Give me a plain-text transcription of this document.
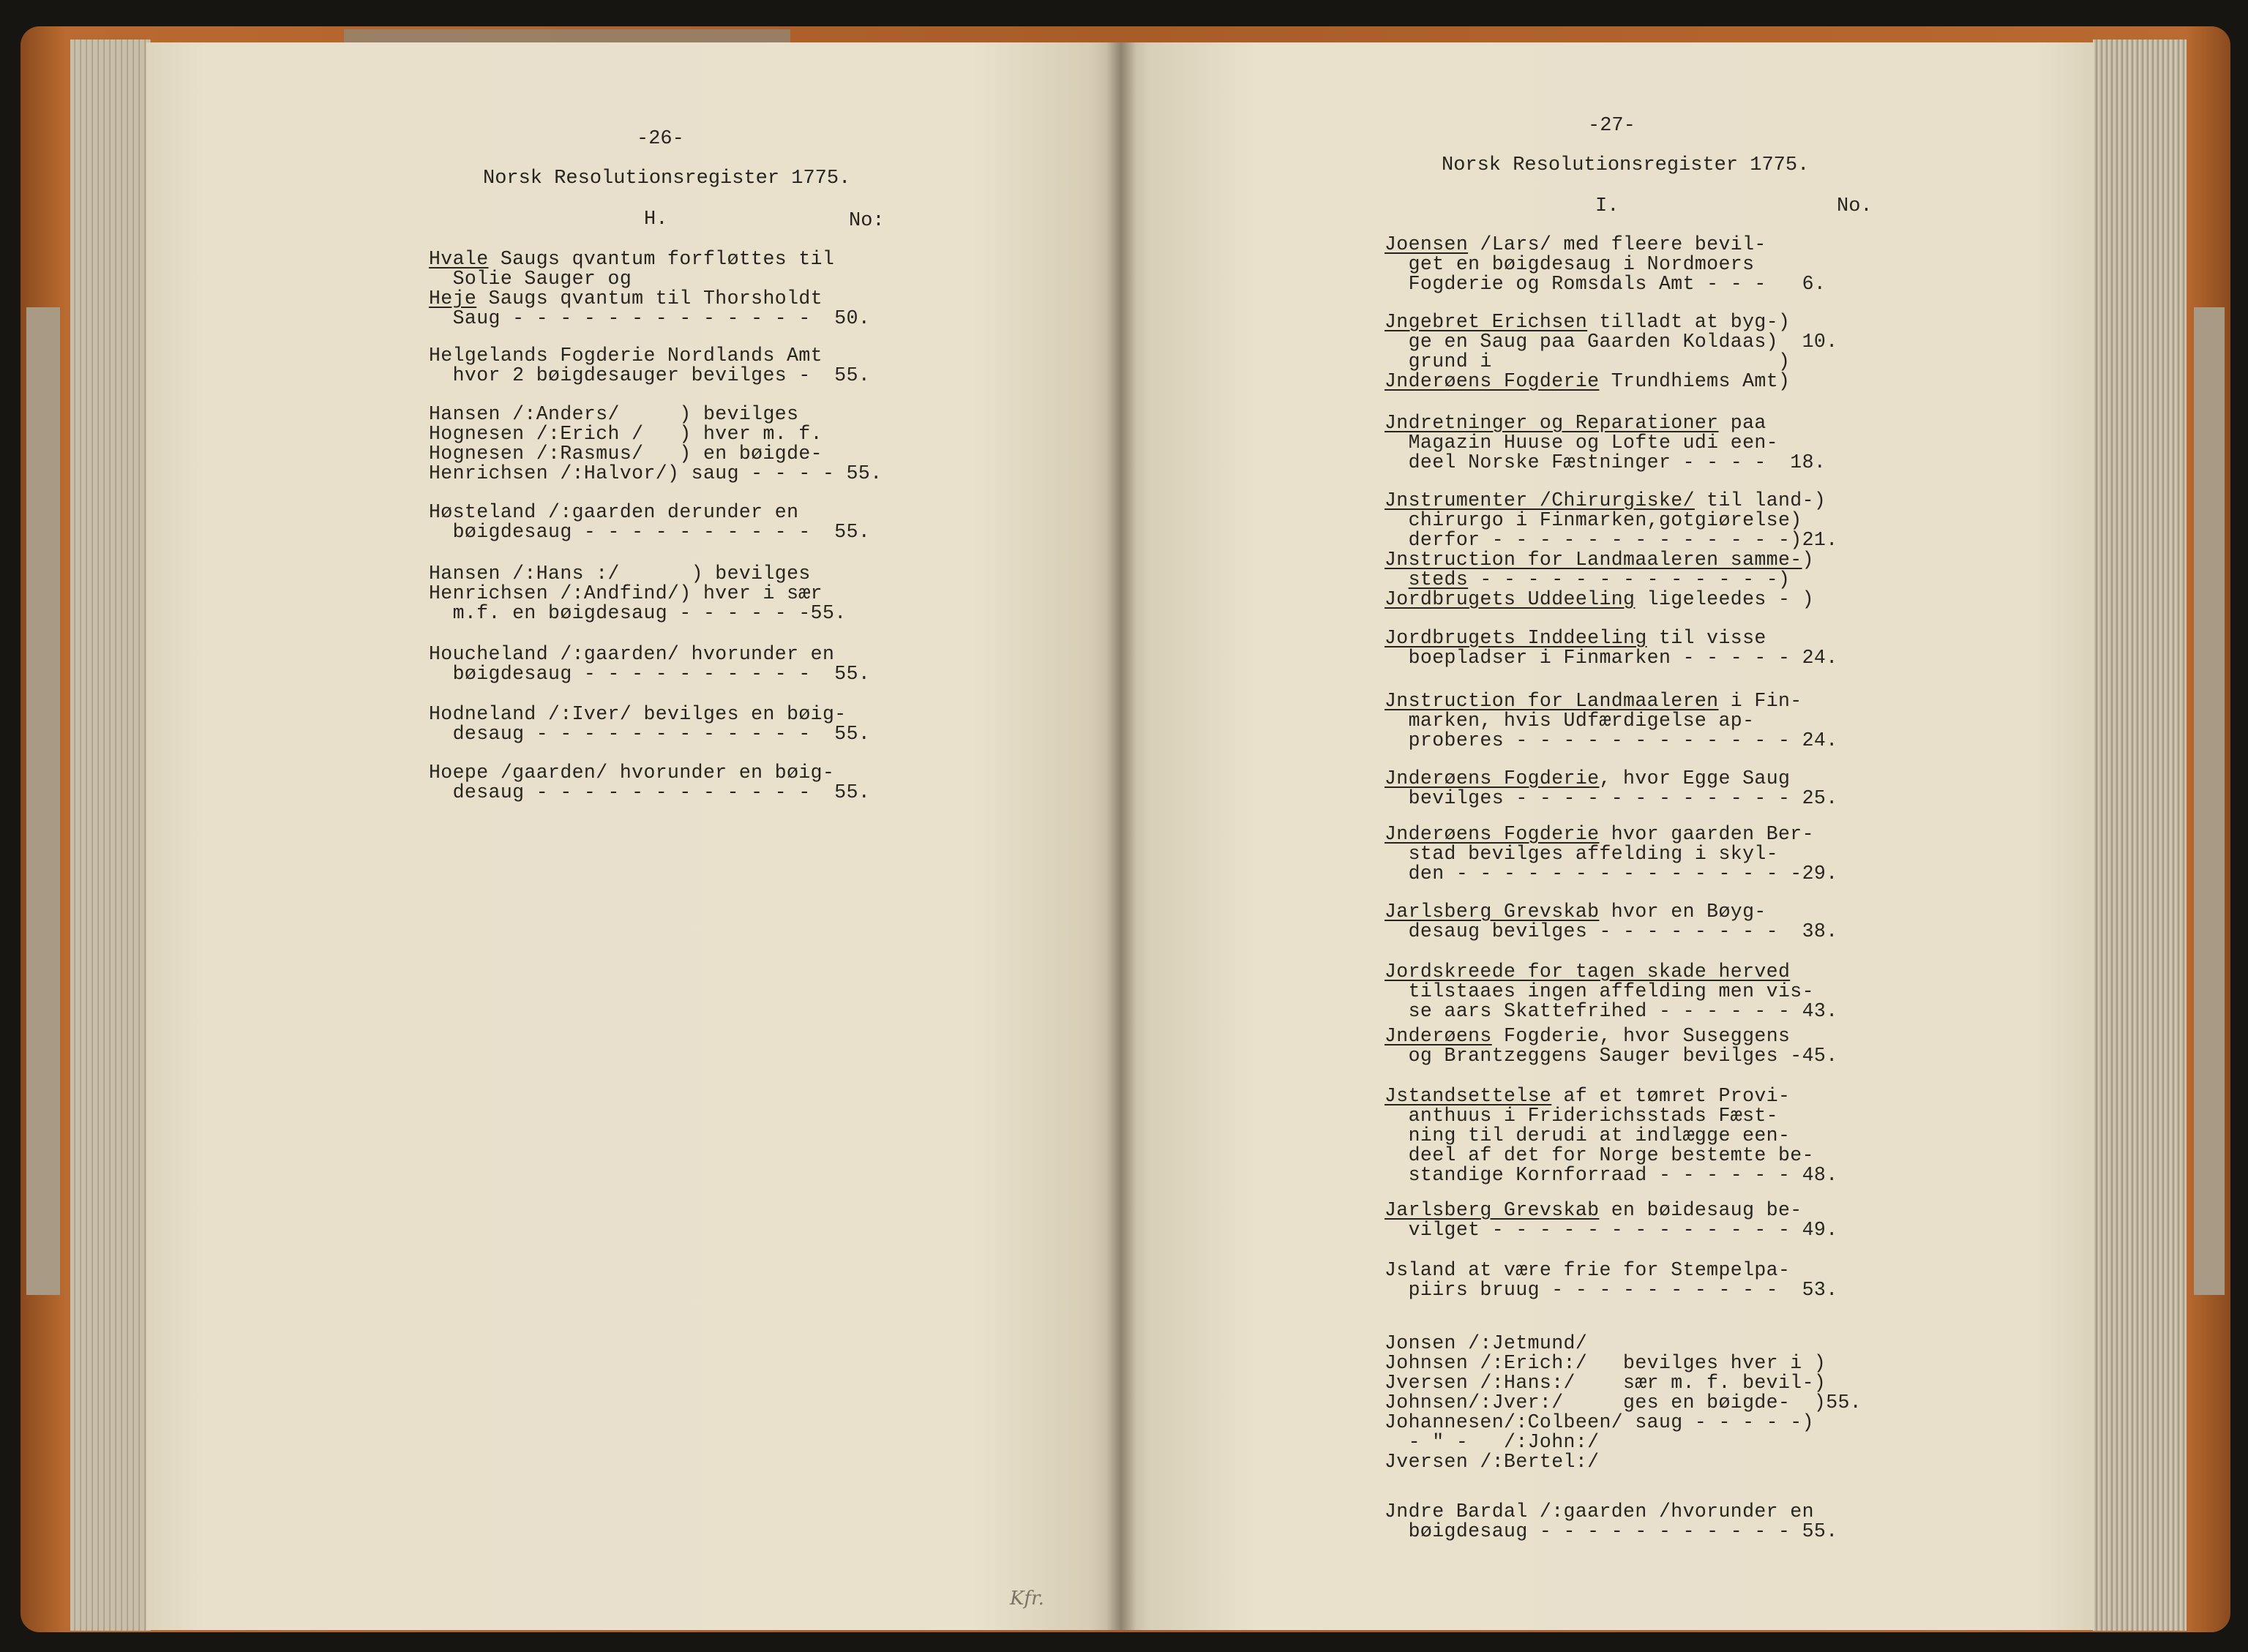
-26-
Norsk Resolutionsregister 1775.
H.	No:
Hvale Saugs qvantum forfløttes til
Solie Sauger og
Heje Saugs qvantum til Thorsholdt
Saug - - - - - - - - - - - - -  50.
Helgelands Fogderie Nordlands Amt
hvor 2 bøigdesauger bevilges -  55.
Hansen /:Anders/     ) bevilges
Hognesen /:Erich /   ) hver m. f.
Hognesen /:Rasmus/   ) en bøigde-
Henrichsen /:Halvor/) saug - - - - 55.
Høsteland /:gaarden derunder en
bøigdesaug - - - - - - - - - -  55.
Hansen /:Hans :/      ) bevilges
Henrichsen /:Andfind/) hver i sær
m.f. en bøigdesaug - - - - - -55.
Houcheland /:gaarden/ hvorunder en
bøigdesaug - - - - - - - - - -  55.
Hodneland /:Iver/ bevilges en bøig-
desaug - - - - - - - - - - - -  55.
Hoepe /gaarden/ hvorunder en bøig-
desaug - - - - - - - - - - - -  55.
Kfr.
-27-
Norsk Resolutionsregister 1775.
I.	No.
Joensen /Lars/ med fleere bevil-
get en bøigdesaug i Nordmoers
Fogderie og Romsdals Amt - - -   6.
Jngebret Erichsen tilladt at byg-)
ge en Saug paa Gaarden Koldaas)  10.
grund i                        )
Jnderøens Fogderie Trundhiems Amt)
Jndretninger og Reparationer paa
Magazin Huuse og Lofte udi een-
deel Norske Fæstninger - - - -  18.
Jnstrumenter /Chirurgiske/ til land-)
chirurgo i Finmarken,gotgiørelse)
derfor - - - - - - - - - - - - -)21.
Jnstruction for Landmaaleren samme-)
steds - - - - - - - - - - - - -)
Jordbrugets Uddeeling ligeleedes - )
Jordbrugets Inddeeling til visse
boepladser i Finmarken - - - - - 24.
Jnstruction for Landmaaleren i Fin-
marken, hvis Udfærdigelse ap-
proberes - - - - - - - - - - - - 24.
Jnderøens Fogderie, hvor Egge Saug
bevilges - - - - - - - - - - - - 25.
Jnderøens Fogderie hvor gaarden Ber-
stad bevilges affelding i skyl-
den - - - - - - - - - - - - - - -29.
Jarlsberg Grevskab hvor en Bøyg-
desaug bevilges - - - - - - - -  38.
Jordskreede for tagen skade herved
tilstaaes ingen affelding men vis-
se aars Skattefrihed - - - - - - 43.
Jnderøens Fogderie, hvor Suseggens
og Brantzeggens Sauger bevilges -45.
Jstandsettelse af et tømret Provi-
anthuus i Friderichsstads Fæst-
ning til derudi at indlægge een-
deel af det for Norge bestemte be-
standige Kornforraad - - - - - - 48.
Jarlsberg Grevskab en bøidesaug be-
vilget - - - - - - - - - - - - - 49.
Jsland at være frie for Stempelpa-
piirs bruug - - - - - - - - - -  53.
Jonsen /:Jetmund/
Johnsen /:Erich:/   bevilges hver i )
Jversen /:Hans:/    sær m. f. bevil-)
Johnsen/:Jver:/     ges en bøigde-  )55.
Johannesen/:Colbeen/ saug - - - - -)
- " -   /:John:/
Jversen /:Bertel:/
Jndre Bardal /:gaarden /hvorunder en
bøigdesaug - - - - - - - - - - - 55.
